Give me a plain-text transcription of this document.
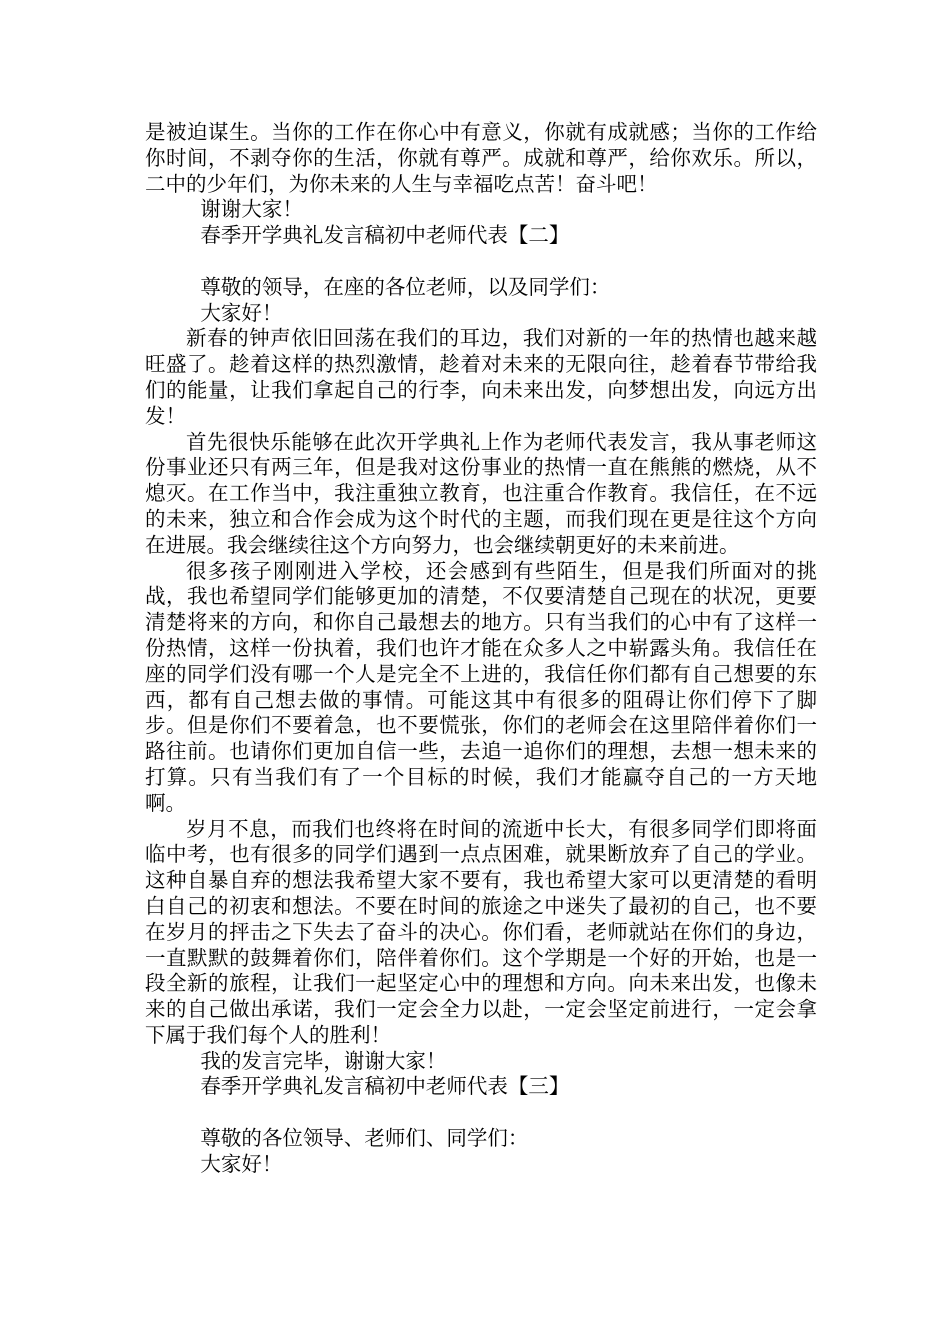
是被迫谋生。当你的工作在你心中有意义，你就有成就感；当你的工作给你时间，不剥夺你的生活，你就有尊严。成就和尊严，给你欢乐。所以，二中的少年们，为你未来的人生与幸福吃点苦！奋斗吧！

谢谢大家！

春季开学典礼发言稿初中老师代表【二】

尊敬的领导，在座的各位老师，以及同学们：

大家好！

新春的钟声依旧回荡在我们的耳边，我们对新的一年的热情也越来越旺盛了。趁着这样的热烈激情，趁着对未来的无限向往，趁着春节带给我们的能量，让我们拿起自己的行李，向未来出发，向梦想出发，向远方出发！

首先很快乐能够在此次开学典礼上作为老师代表发言，我从事老师这份事业还只有两三年，但是我对这份事业的热情一直在熊熊的燃烧，从不熄灭。在工作当中，我注重独立教育，也注重合作教育。我信任，在不远的未来，独立和合作会成为这个时代的主题，而我们现在更是往这个方向在进展。我会继续往这个方向努力，也会继续朝更好的未来前进。

很多孩子刚刚进入学校，还会感到有些陌生，但是我们所面对的挑战，我也希望同学们能够更加的清楚，不仅要清楚自己现在的状况，更要清楚将来的方向，和你自己最想去的地方。只有当我们的心中有了这样一份热情，这样一份执着，我们也许才能在众多人之中崭露头角。我信任在座的同学们没有哪一个人是完全不上进的，我信任你们都有自己想要的东西，都有自己想去做的事情。可能这其中有很多的阻碍让你们停下了脚步。但是你们不要着急，也不要慌张，你们的老师会在这里陪伴着你们一路往前。也请你们更加自信一些，去追一追你们的理想，去想一想未来的打算。只有当我们有了一个目标的时候，我们才能赢夺自己的一方天地啊。

岁月不息，而我们也终将在时间的流逝中长大，有很多同学们即将面临中考，也有很多的同学们遇到一点点困难，就果断放弃了自己的学业。这种自暴自弃的想法我希望大家不要有，我也希望大家可以更清楚的看明白自己的初衷和想法。不要在时间的旅途之中迷失了最初的自己，也不要在岁月的抨击之下失去了奋斗的决心。你们看，老师就站在你们的身边，一直默默的鼓舞着你们，陪伴着你们。这个学期是一个好的开始，也是一段全新的旅程，让我们一起坚定心中的理想和方向。向未来出发，也像未来的自己做出承诺，我们一定会全力以赴，一定会坚定前进行，一定会拿下属于我们每个人的胜利！

我的发言完毕，谢谢大家！

春季开学典礼发言稿初中老师代表【三】

尊敬的各位领导、老师们、同学们：

大家好！
